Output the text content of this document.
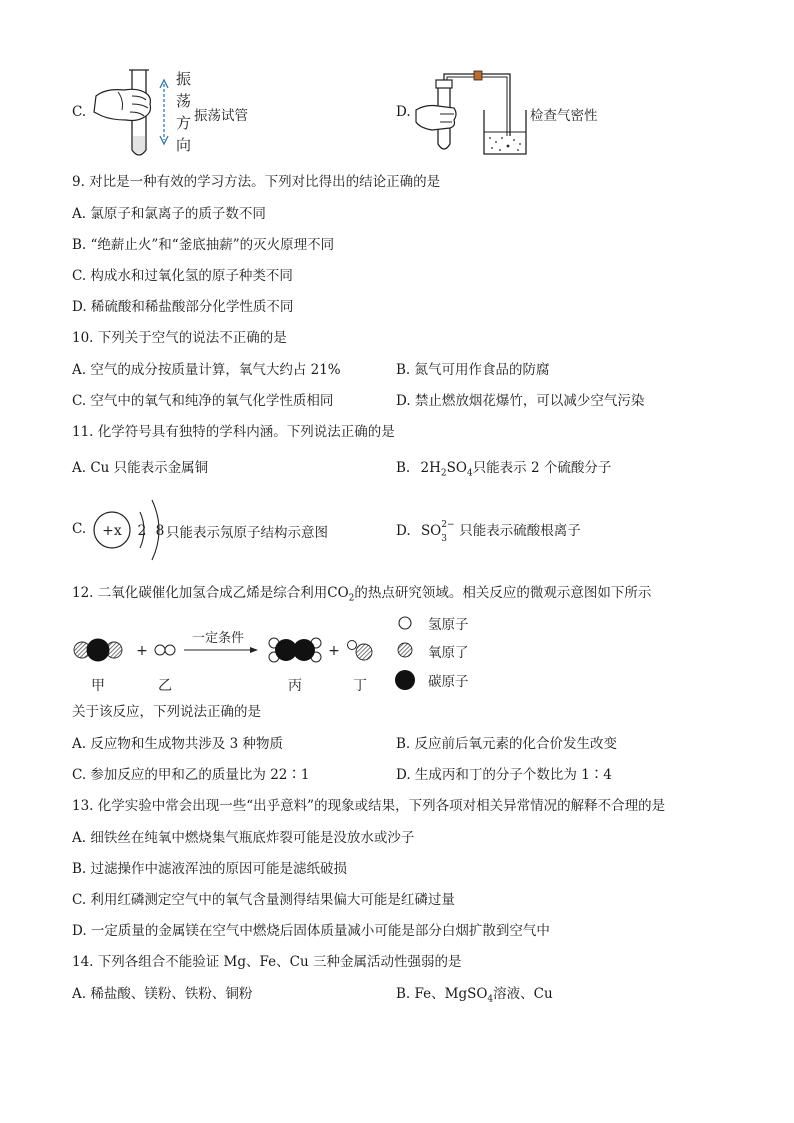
C.
振
荡
方
向
振荡试管	D.	检查气密性
9. 对比是一种有效的学习方法。下列对比得出的结论正确的是
A. 氯原子和氯离子的质子数不同
B. “绝薪止火”和“釜底抽薪”的灭火原理不同
C. 构成水和过氧化氢的原子种类不同
D. 稀硫酸和稀盐酸部分化学性质不同
10. 下列关于空气的说法不正确的是
A. 空气的成分按质量计算，氧气大约占 21%	B. 氮气可用作食品的防腐
C. 空气中的氧气和纯净的氧气化学性质相同	D. 禁止燃放烟花爆竹，可以减少空气污染
11. 化学符号具有独特的学科内涵。下列说法正确的是
A. Cu 只能表示金属铜	B. $2H_2SO_4$只能表示 2 个硫酸分子
C. +x 2 8 只能表示氖原子结构示意图	D. SO 2−
3 只能表示硫酸根离子
12. 二氧化碳催化加氢合成乙烯是综合利用$CO_2$的热点研究领域。相关反应的微观示意图如下所示
+
一定条件
+
甲	乙	丙	丁
氢原子
氧原了
碳原子
关于该反应，下列说法正确的是
A. 反应物和生成物共涉及 3 种物质	B. 反应前后氧元素的化合价发生改变
C. 参加反应的甲和乙的质量比为 22∶1	D. 生成丙和丁的分子个数比为 1∶4
13. 化学实验中常会出现一些“出乎意料”的现象或结果，下列各项对相关异常情况的解释不合理的是
A. 细铁丝在纯氧中燃烧集气瓶底炸裂可能是没放水或沙子
B. 过滤操作中滤液浑浊的原因可能是滤纸破损
C. 利用红磷测定空气中的氧气含量测得结果偏大可能是红磷过量
D. 一定质量的金属镁在空气中燃烧后固体质量减小可能是部分白烟扩散到空气中
14. 下列各组合不能验证 Mg、Fe、Cu 三种金属活动性强弱的是
A. 稀盐酸、镁粉、铁粉、铜粉	B. Fe、MgSO$_4$溶液、Cu
